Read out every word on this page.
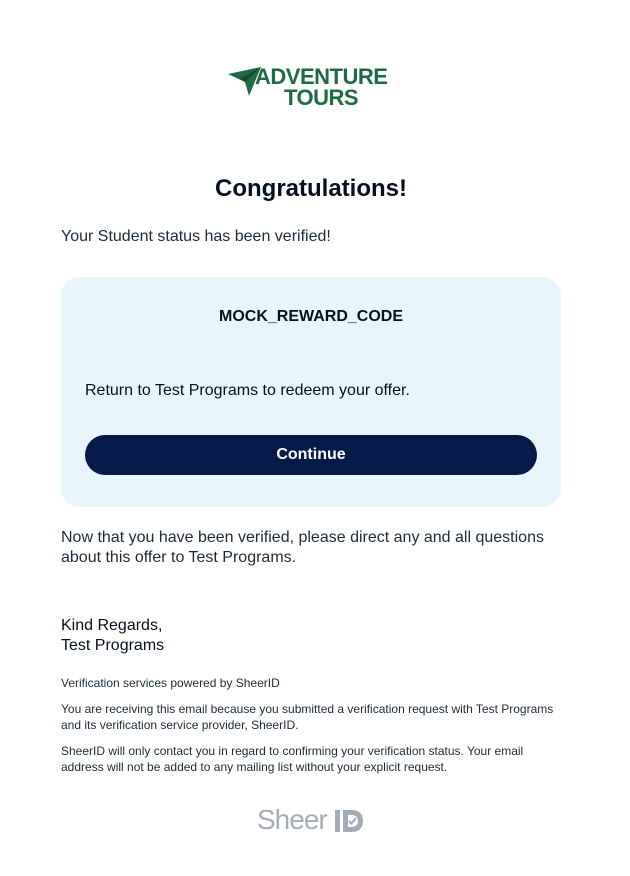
ADVENTURE
TOURS
Congratulations!
Your Student status has been verified!
MOCK_REWARD_CODE
Return to Test Programs to redeem your offer.
Continue
Now that you have been verified, please direct any and all questions about this offer to Test Programs.
Kind Regards,
Test Programs
Verification services powered by SheerID
You are receiving this email because you submitted a verification request with Test Programs and its verification service provider, SheerID.
SheerID will only contact you in regard to confirming your verification status. Your email address will not be added to any mailing list without your explicit request.
Sheer
